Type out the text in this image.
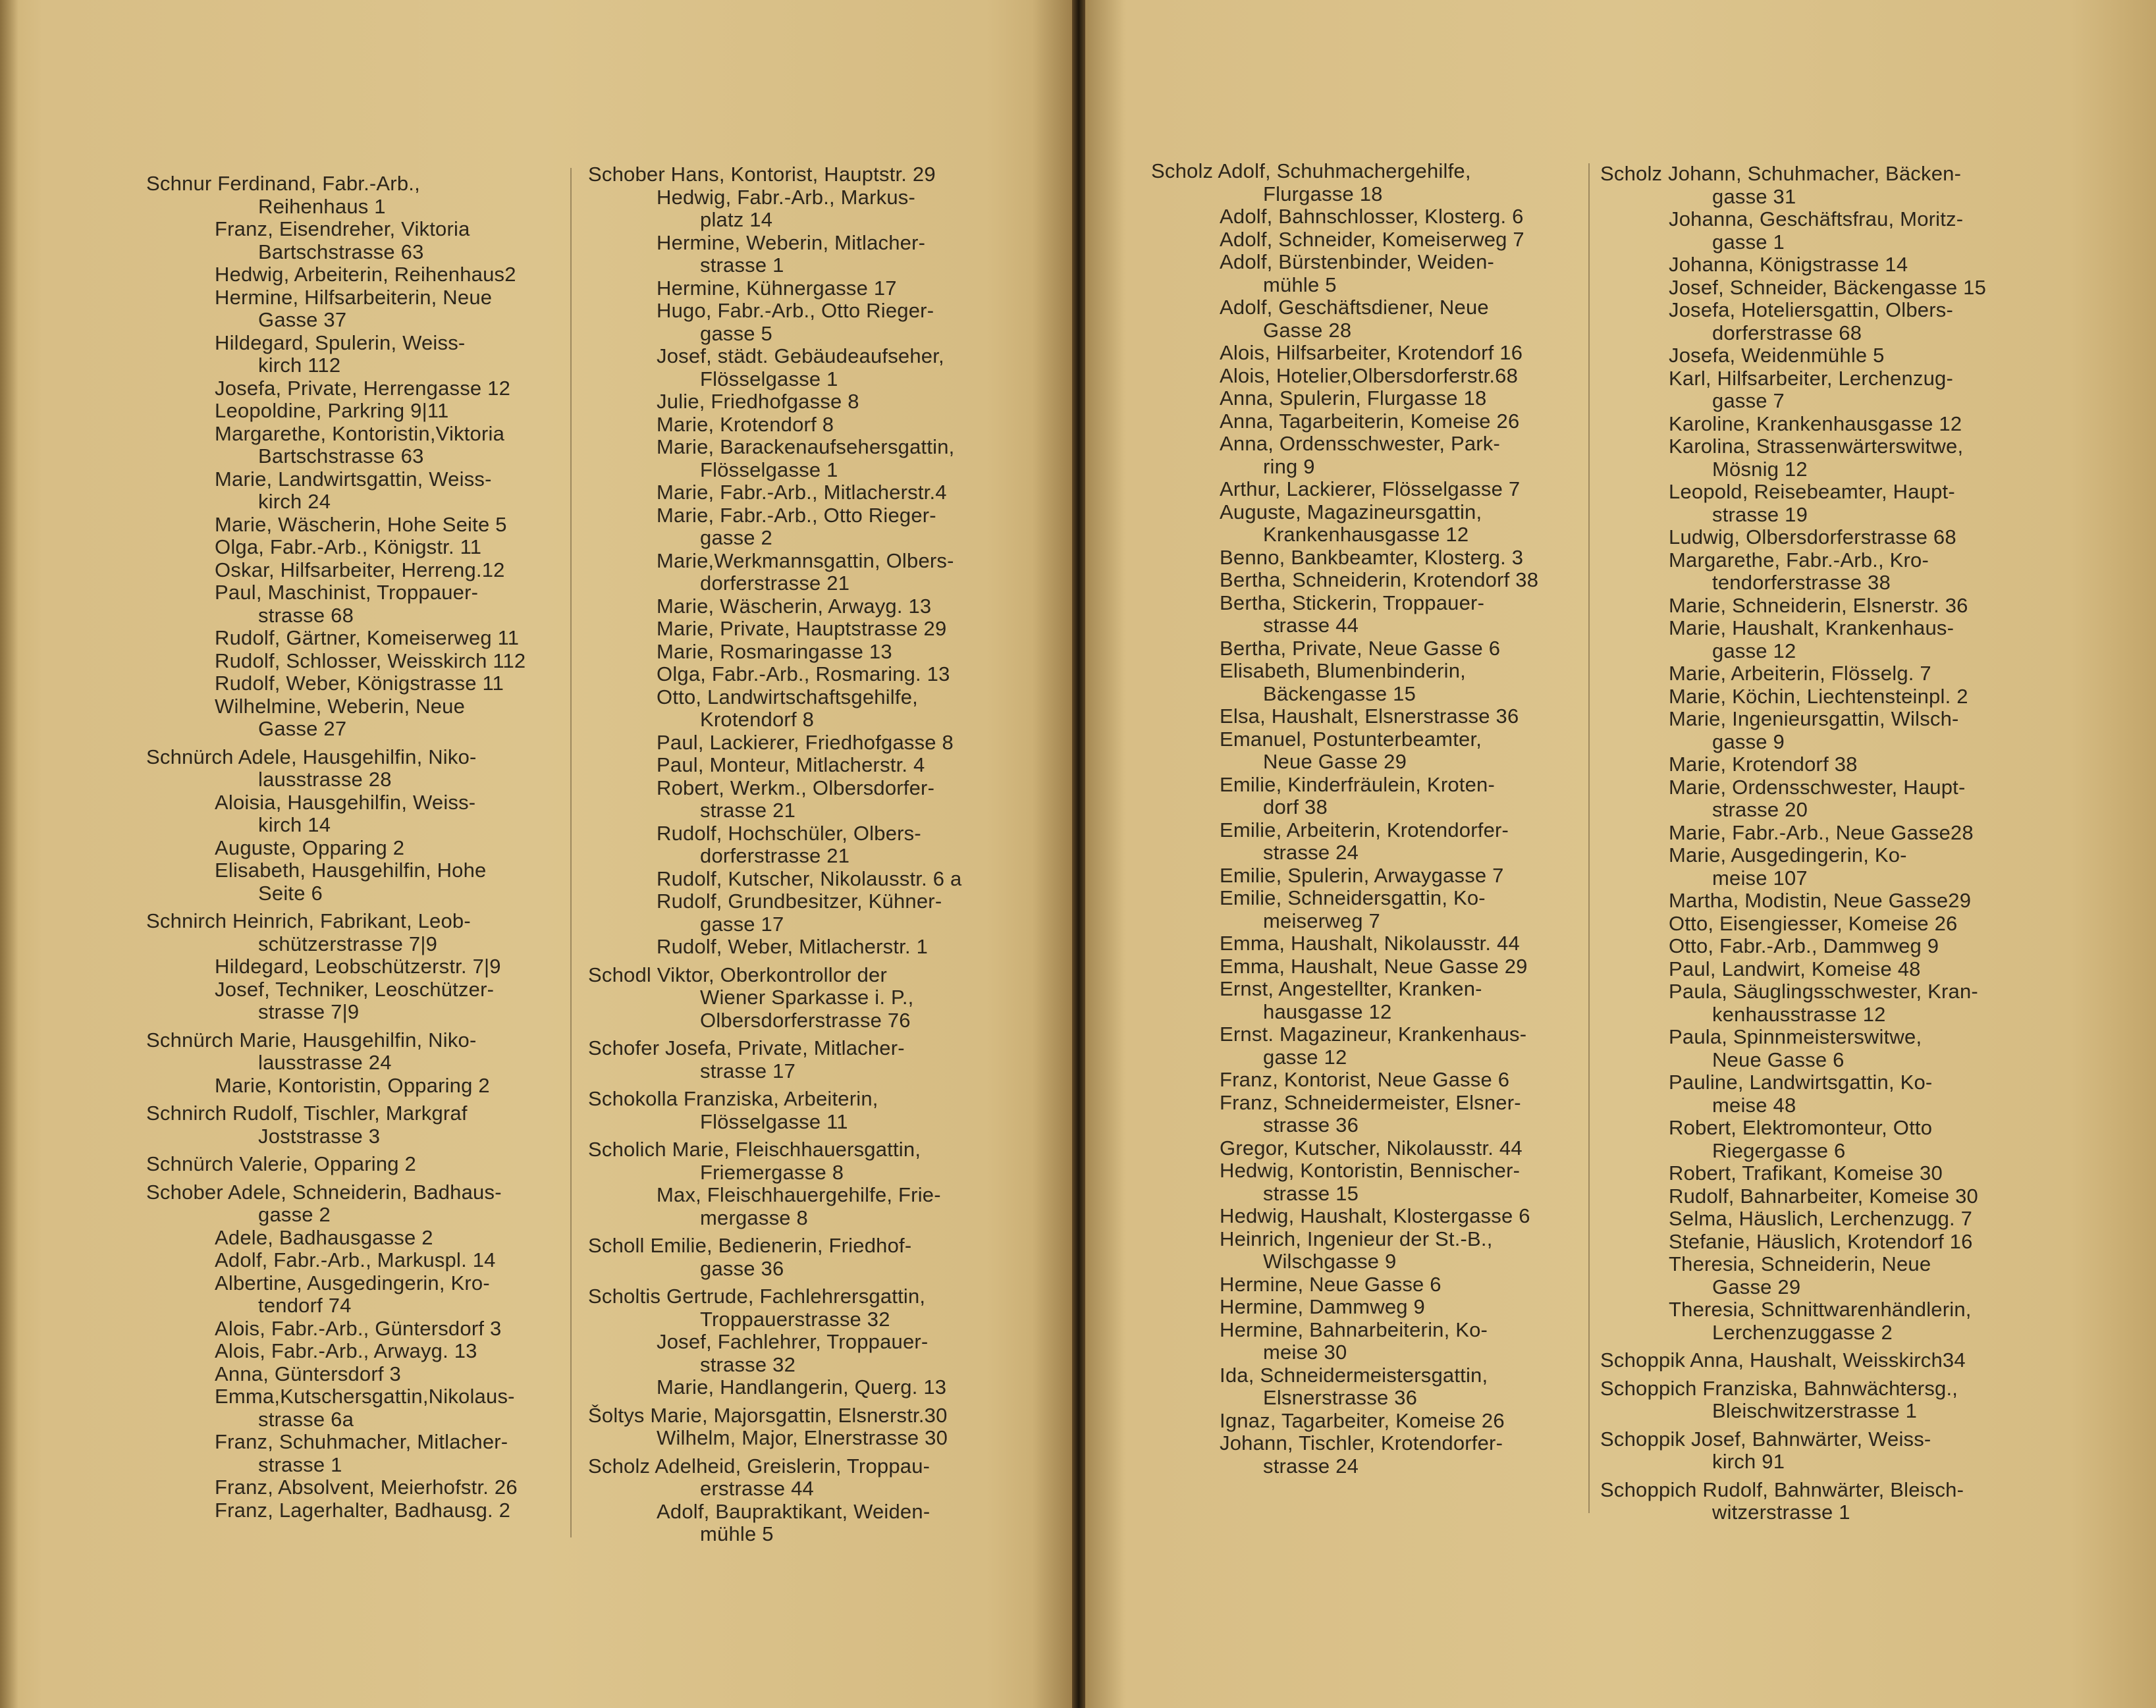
Schnur Ferdinand, Fabr.-Arb.,

Reihenhaus 1

Franz, Eisendreher, Viktoria

Bartschstrasse 63

Hedwig, Arbeiterin, Reihenhaus2

Hermine, Hilfsarbeiterin, Neue

Gasse 37

Hildegard, Spulerin, Weiss-

kirch 112

Josefa, Private, Herrengasse 12

Leopoldine, Parkring 9|11

Margarethe, Kontoristin,Viktoria

Bartschstrasse 63

Marie, Landwirtsgattin, Weiss-

kirch 24

Marie, Wäscherin, Hohe Seite 5

Olga, Fabr.-Arb., Königstr. 11

Oskar, Hilfsarbeiter, Herreng.12

Paul, Maschinist, Troppauer-

strasse 68

Rudolf, Gärtner, Komeiserweg 11

Rudolf, Schlosser, Weisskirch 112

Rudolf, Weber, Königstrasse 11

Wilhelmine, Weberin, Neue

Gasse 27

Schnürch Adele, Hausgehilfin, Niko-

lausstrasse 28

Aloisia, Hausgehilfin, Weiss-

kirch 14

Auguste, Opparing 2

Elisabeth, Hausgehilfin, Hohe

Seite 6

Schnirch Heinrich, Fabrikant, Leob-

schützerstrasse 7|9

Hildegard, Leobschützerstr. 7|9

Josef, Techniker, Leoschützer-

strasse 7|9

Schnürch Marie, Hausgehilfin, Niko-

lausstrasse 24

Marie, Kontoristin, Opparing 2

Schnirch Rudolf, Tischler, Markgraf

Joststrasse 3

Schnürch Valerie, Opparing 2

Schober Adele, Schneiderin, Badhaus-

gasse 2

Adele, Badhausgasse 2

Adolf, Fabr.-Arb., Markuspl. 14

Albertine, Ausgedingerin, Kro-

tendorf 74

Alois, Fabr.-Arb., Güntersdorf 3

Alois, Fabr.-Arb., Arwayg. 13

Anna, Güntersdorf 3

Emma,Kutschersgattin,Nikolaus-

strasse 6a

Franz, Schuhmacher, Mitlacher-

strasse 1

Franz, Absolvent, Meierhofstr. 26

Franz, Lagerhalter, Badhausg. 2

Schober Hans, Kontorist, Hauptstr. 29

Hedwig, Fabr.-Arb., Markus-

platz 14

Hermine, Weberin, Mitlacher-

strasse 1

Hermine, Kühnergasse 17

Hugo, Fabr.-Arb., Otto Rieger-

gasse 5

Josef, städt. Gebäudeaufseher,

Flösselgasse 1

Julie, Friedhofgasse 8

Marie, Krotendorf 8

Marie, Barackenaufsehersgattin,

Flösselgasse 1

Marie, Fabr.-Arb., Mitlacherstr.4

Marie, Fabr.-Arb., Otto Rieger-

gasse 2

Marie,Werkmannsgattin, Olbers-

dorferstrasse 21

Marie, Wäscherin, Arwayg. 13

Marie, Private, Hauptstrasse 29

Marie, Rosmaringasse 13

Olga, Fabr.-Arb., Rosmaring. 13

Otto, Landwirtschaftsgehilfe,

Krotendorf 8

Paul, Lackierer, Friedhofgasse 8

Paul, Monteur, Mitlacherstr. 4

Robert, Werkm., Olbersdorfer-

strasse 21

Rudolf, Hochschüler, Olbers-

dorferstrasse 21

Rudolf, Kutscher, Nikolausstr. 6 a

Rudolf, Grundbesitzer, Kühner-

gasse 17

Rudolf, Weber, Mitlacherstr. 1

Schodl Viktor, Oberkontrollor der

Wiener Sparkasse i. P.,

Olbersdorferstrasse 76

Schofer Josefa, Private, Mitlacher-

strasse 17

Schokolla Franziska, Arbeiterin,

Flösselgasse 11

Scholich Marie, Fleischhauersgattin,

Friemergasse 8

Max, Fleischhauergehilfe, Frie-

mergasse 8

Scholl Emilie, Bedienerin, Friedhof-

gasse 36

Scholtis Gertrude, Fachlehrersgattin,

Troppauerstrasse 32

Josef, Fachlehrer, Troppauer-

strasse 32

Marie, Handlangerin, Querg. 13

Šoltys Marie, Majorsgattin, Elsnerstr.30

Wilhelm, Major, Elnerstrasse 30

Scholz Adelheid, Greislerin, Troppau-

erstrasse 44

Adolf, Baupraktikant, Weiden-

mühle 5

Scholz Adolf, Schuhmachergehilfe,

Flurgasse 18

Adolf, Bahnschlosser, Klosterg. 6

Adolf, Schneider, Komeiserweg 7

Adolf, Bürstenbinder, Weiden-

mühle 5

Adolf, Geschäftsdiener, Neue

Gasse 28

Alois, Hilfsarbeiter, Krotendorf 16

Alois, Hotelier,Olbersdorferstr.68

Anna, Spulerin, Flurgasse 18

Anna, Tagarbeiterin, Komeise 26

Anna, Ordensschwester, Park-

ring 9

Arthur, Lackierer, Flösselgasse 7

Auguste, Magazineursgattin,

Krankenhausgasse 12

Benno, Bankbeamter, Klosterg. 3

Bertha, Schneiderin, Krotendorf 38

Bertha, Stickerin, Troppauer-

strasse 44

Bertha, Private, Neue Gasse 6

Elisabeth, Blumenbinderin,

Bäckengasse 15

Elsa, Haushalt, Elsnerstrasse 36

Emanuel, Postunterbeamter,

Neue Gasse 29

Emilie, Kinderfräulein, Kroten-

dorf 38

Emilie, Arbeiterin, Krotendorfer-

strasse 24

Emilie, Spulerin, Arwaygasse 7

Emilie, Schneidersgattin, Ko-

meiserweg 7

Emma, Haushalt, Nikolausstr. 44

Emma, Haushalt, Neue Gasse 29

Ernst, Angestellter, Kranken-

hausgasse 12

Ernst. Magazineur, Krankenhaus-

gasse 12

Franz, Kontorist, Neue Gasse 6

Franz, Schneidermeister, Elsner-

strasse 36

Gregor, Kutscher, Nikolausstr. 44

Hedwig, Kontoristin, Bennischer-

strasse 15

Hedwig, Haushalt, Klostergasse 6

Heinrich, Ingenieur der St.-B.,

Wilschgasse 9

Hermine, Neue Gasse 6

Hermine, Dammweg 9

Hermine, Bahnarbeiterin, Ko-

meise 30

Ida, Schneidermeistersgattin,

Elsnerstrasse 36

Ignaz, Tagarbeiter, Komeise 26

Johann, Tischler, Krotendorfer-

strasse 24

Scholz Johann, Schuhmacher, Bäcken-

gasse 31

Johanna, Geschäftsfrau, Moritz-

gasse 1

Johanna, Königstrasse 14

Josef, Schneider, Bäckengasse 15

Josefa, Hoteliersgattin, Olbers-

dorferstrasse 68

Josefa, Weidenmühle 5

Karl, Hilfsarbeiter, Lerchenzug-

gasse 7

Karoline, Krankenhausgasse 12

Karolina, Strassenwärterswitwe,

Mösnig 12

Leopold, Reisebeamter, Haupt-

strasse 19

Ludwig, Olbersdorferstrasse 68

Margarethe, Fabr.-Arb., Kro-

tendorferstrasse 38

Marie, Schneiderin, Elsnerstr. 36

Marie, Haushalt, Krankenhaus-

gasse 12

Marie, Arbeiterin, Flösselg. 7

Marie, Köchin, Liechtensteinpl. 2

Marie, Ingenieursgattin, Wilsch-

gasse 9

Marie, Krotendorf 38

Marie, Ordensschwester, Haupt-

strasse 20

Marie, Fabr.-Arb., Neue Gasse28

Marie, Ausgedingerin, Ko-

meise 107

Martha, Modistin, Neue Gasse29

Otto, Eisengiesser, Komeise 26

Otto, Fabr.-Arb., Dammweg 9

Paul, Landwirt, Komeise 48

Paula, Säuglingsschwester, Kran-

kenhausstrasse 12

Paula, Spinnmeisterswitwe,

Neue Gasse 6

Pauline, Landwirtsgattin, Ko-

meise 48

Robert, Elektromonteur, Otto

Riegergasse 6

Robert, Trafikant, Komeise 30

Rudolf, Bahnarbeiter, Komeise 30

Selma, Häuslich, Lerchenzugg. 7

Stefanie, Häuslich, Krotendorf 16

Theresia, Schneiderin, Neue

Gasse 29

Theresia, Schnittwarenhändlerin,

Lerchenzuggasse 2

Schoppik Anna, Haushalt, Weisskirch34

Schoppich Franziska, Bahnwächtersg.,

Bleischwitzerstrasse 1

Schoppik Josef, Bahnwärter, Weiss-

kirch 91

Schoppich Rudolf, Bahnwärter, Bleisch-

witzerstrasse 1
